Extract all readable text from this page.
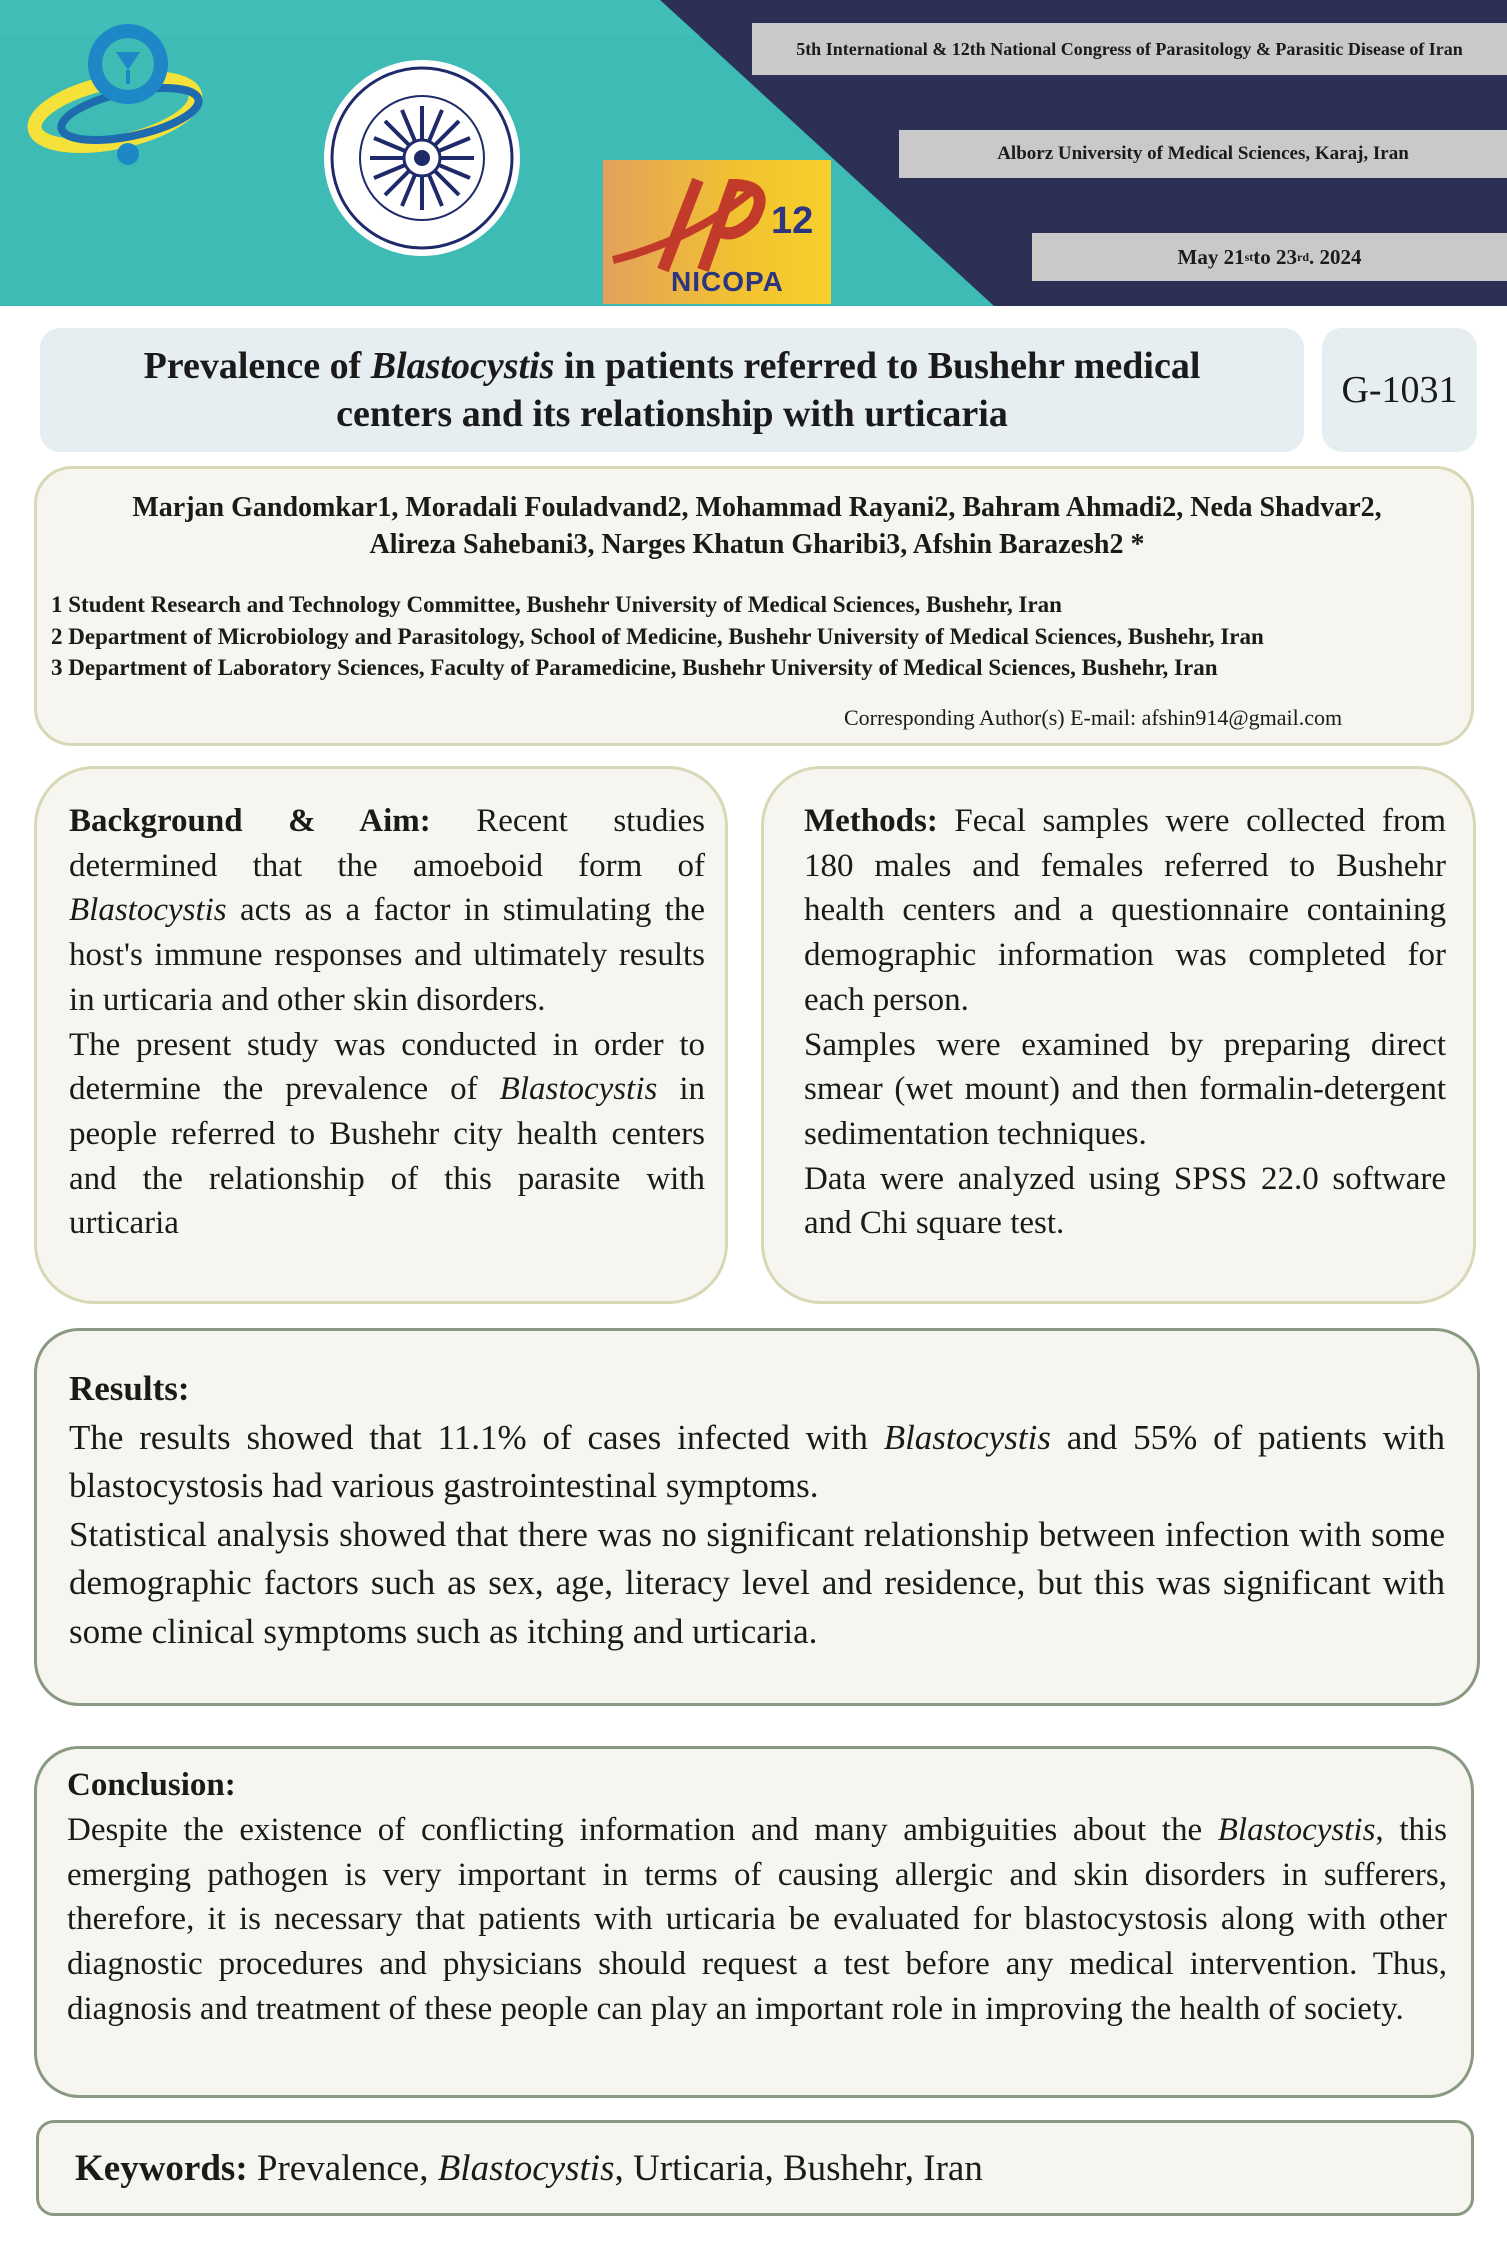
12
NICOPA
5th International & 12th National Congress of Parasitology & Parasitic Disease of Iran
Alborz University of Medical Sciences, Karaj, Iran
May 21 st to 23 rd . 2024
Prevalence of Blastocystis in patients referred to Bushehr medical centers and its relationship with urticaria
G-1031
Marjan Gandomkar1, Moradali Fouladvand2, Mohammad Rayani2, Bahram Ahmadi2, Neda Shadvar2, Alireza Sahebani3, Narges Khatun Gharibi3, Afshin Barazesh2 *
1 Student Research and Technology Committee, Bushehr University of Medical Sciences, Bushehr, Iran
2 Department of Microbiology and Parasitology, School of Medicine, Bushehr University of Medical Sciences, Bushehr, Iran
3 Department of Laboratory Sciences, Faculty of Paramedicine, Bushehr University of Medical Sciences, Bushehr, Iran
Corresponding Author(s) E-mail: afshin914@gmail.com

Background & Aim: Recent studies determined that the amoeboid form of Blastocystis acts as a factor in stimulating the host's immune responses and ultimately results in urticaria and other skin disorders.

The present study was conducted in order to determine the prevalence of Blastocystis in people referred to Bushehr city health centers and the relationship of this parasite with urticaria

Methods: Fecal samples were collected from 180 males and females referred to Bushehr health centers and a questionnaire containing demographic information was completed for each person.

Samples were examined by preparing direct smear (wet mount) and then formalin-detergent sedimentation techniques.

Data were analyzed using SPSS 22.0 software and Chi square test.

Results:

The results showed that 11.1% of cases infected with Blastocystis and 55% of patients with blastocystosis had various gastrointestinal symptoms.

Statistical analysis showed that there was no significant relationship between infection with some demographic factors such as sex, age, literacy level and residence, but this was significant with some clinical symptoms such as itching and urticaria.

Conclusion:

Despite the existence of conflicting information and many ambiguities about the Blastocystis, this emerging pathogen is very important in terms of causing allergic and skin disorders in sufferers, therefore, it is necessary that patients with urticaria be evaluated for blastocystosis along with other diagnostic procedures and physicians should request a test before any medical intervention. Thus, diagnosis and treatment of these people can play an important role in improving the health of society.

Keywords: Prevalence, Blastocystis, Urticaria, Bushehr, Iran
